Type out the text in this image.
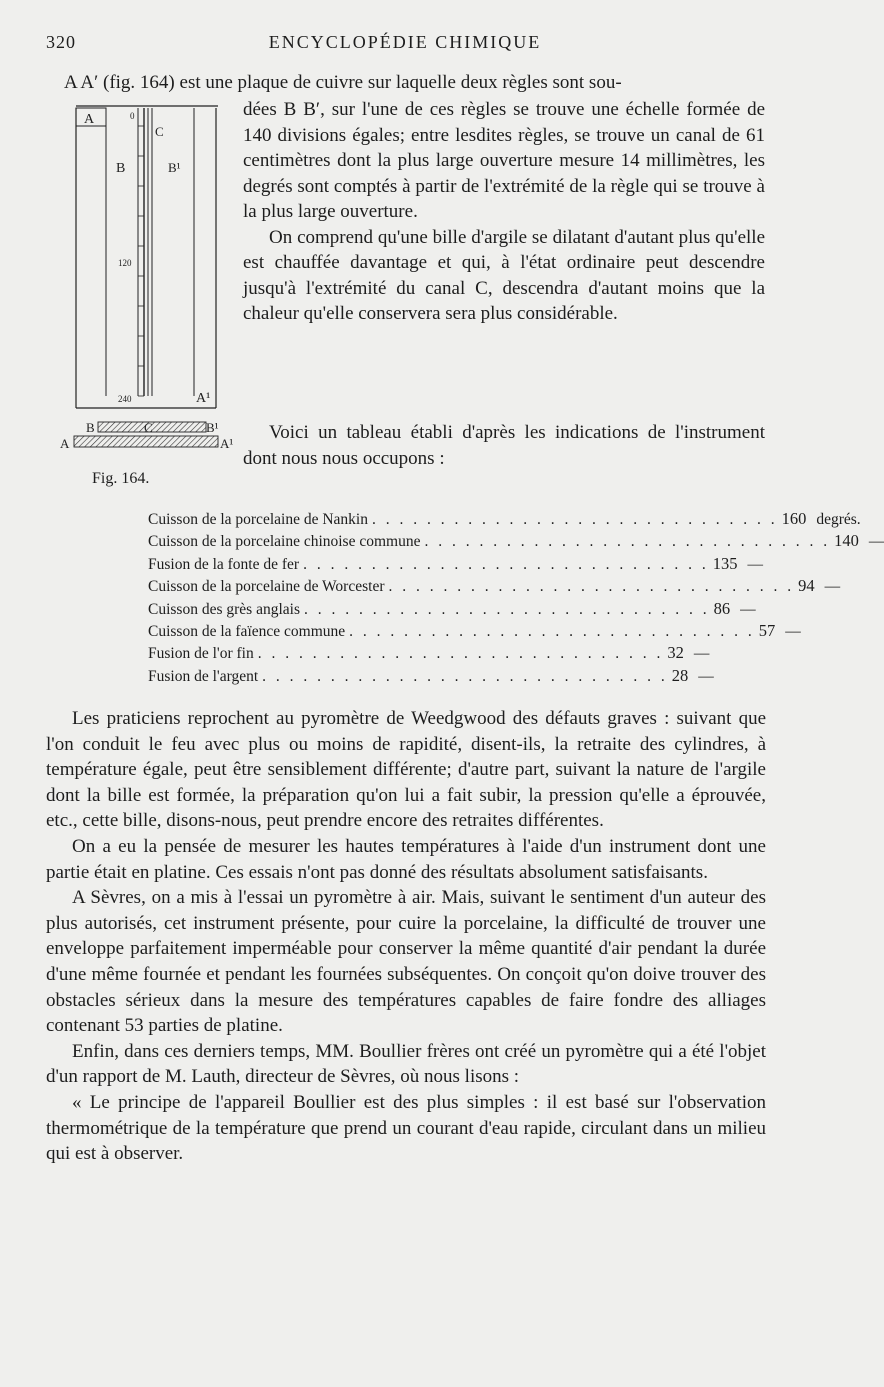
320	ENCYCLOPÉDIE CHIMIQUE
A A′ (fig. 164) est une plaque de cuivre sur laquelle deux règles sont sou-
A	0
C
B	B¹
120
240	A¹
B	C	B¹
A	A¹
Fig. 164.

dées B B′, sur l'une de ces règles se trouve une échelle formée de 140 divisions égales; entre lesdites règles, se trouve un canal de 61 centimètres dont la plus large ouverture mesure 14 millimètres, les degrés sont comptés à partir de l'extrémité de la règle qui se trouve à la plus large ouverture.

On comprend qu'une bille d'argile se dilatant d'autant plus qu'elle est chauffée davantage et qui, à l'état ordinaire peut descendre jusqu'à l'extrémité du canal C, descendra d'autant moins que la chaleur qu'elle conservera sera plus considérable.

Voici un tableau établi d'après les indications de l'instrument dont nous nous occupons :
Cuisson de la porcelaine de Nankin . . . . . . . . . . . . . . . . . . . . . . . . . . . . . . 160 degrés.
Cuisson de la porcelaine chinoise commune . . . . . . . . . . . . . . . . . . . . . . . . . . . . . . 140 —
Fusion de la fonte de fer . . . . . . . . . . . . . . . . . . . . . . . . . . . . . . 135 —
Cuisson de la porcelaine de Worcester . . . . . . . . . . . . . . . . . . . . . . . . . . . . . . 94 —
Cuisson des grès anglais . . . . . . . . . . . . . . . . . . . . . . . . . . . . . . 86 —
Cuisson de la faïence commune . . . . . . . . . . . . . . . . . . . . . . . . . . . . . . 57 —
Fusion de l'or fin . . . . . . . . . . . . . . . . . . . . . . . . . . . . . . 32 —
Fusion de l'argent . . . . . . . . . . . . . . . . . . . . . . . . . . . . . . 28 —

Les praticiens reprochent au pyromètre de Weedgwood des défauts graves : suivant que l'on conduit le feu avec plus ou moins de rapidité, disent-ils, la retraite des cylindres, à température égale, peut être sensiblement différente; d'autre part, suivant la nature de l'argile dont la bille est formée, la préparation qu'on lui a fait subir, la pression qu'elle a éprouvée, etc., cette bille, disons-nous, peut prendre encore des retraites différentes.

On a eu la pensée de mesurer les hautes températures à l'aide d'un instrument dont une partie était en platine. Ces essais n'ont pas donné des résultats absolument satisfaisants.

A Sèvres, on a mis à l'essai un pyromètre à air. Mais, suivant le sentiment d'un auteur des plus autorisés, cet instrument présente, pour cuire la porcelaine, la difficulté de trouver une enveloppe parfaitement imperméable pour conserver la même quantité d'air pendant la durée d'une même fournée et pendant les fournées subséquentes. On conçoit qu'on doive trouver des obstacles sérieux dans la mesure des températures capables de faire fondre des alliages contenant 53 parties de platine.

Enfin, dans ces derniers temps, MM. Boullier frères ont créé un pyromètre qui a été l'objet d'un rapport de M. Lauth, directeur de Sèvres, où nous lisons :

« Le principe de l'appareil Boullier est des plus simples : il est basé sur l'observation thermométrique de la température que prend un courant d'eau rapide, circulant dans un milieu qui est à observer.
